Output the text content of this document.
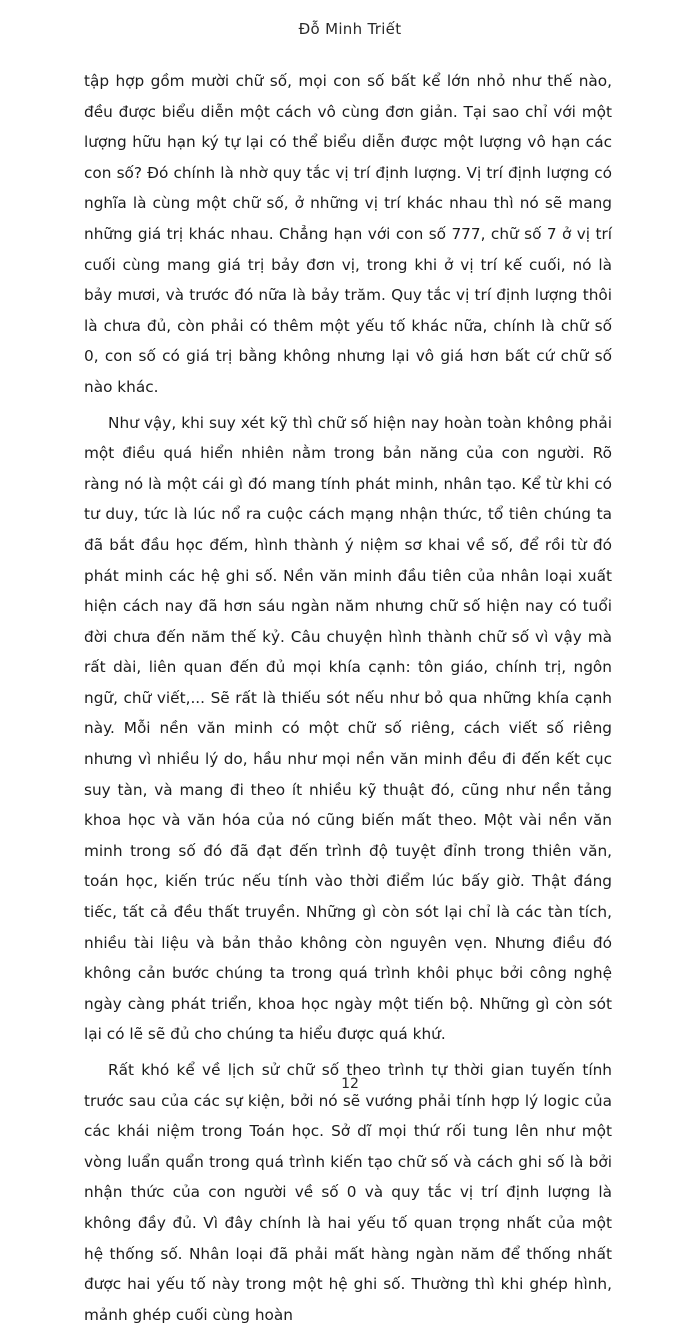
Đỗ Minh Triết

tập hợp gồm mười chữ số, mọi con số bất kể lớn nhỏ như thế nào, đều được biểu diễn một cách vô cùng đơn giản. Tại sao chỉ với một lượng hữu hạn ký tự lại có thể biểu diễn được một lượng vô hạn các con số? Đó chính là nhờ quy tắc vị trí định lượng. Vị trí định lượng có nghĩa là cùng một chữ số, ở những vị trí khác nhau thì nó sẽ mang những giá trị khác nhau. Chẳng hạn với con số 777, chữ số 7 ở vị trí cuối cùng mang giá trị bảy đơn vị, trong khi ở vị trí kế cuối, nó là bảy mươi, và trước đó nữa là bảy trăm. Quy tắc vị trí định lượng thôi là chưa đủ, còn phải có thêm một yếu tố khác nữa, chính là chữ số 0, con số có giá trị bằng không nhưng lại vô giá hơn bất cứ chữ số nào khác.

Như vậy, khi suy xét kỹ thì chữ số hiện nay hoàn toàn không phải một điều quá hiển nhiên nằm trong bản năng của con người. Rõ ràng nó là một cái gì đó mang tính phát minh, nhân tạo. Kể từ khi có tư duy, tức là lúc nổ ra cuộc cách mạng nhận thức, tổ tiên chúng ta đã bắt đầu học đếm, hình thành ý niệm sơ khai về số, để rồi từ đó phát minh các hệ ghi số. Nền văn minh đầu tiên của nhân loại xuất hiện cách nay đã hơn sáu ngàn năm nhưng chữ số hiện nay có tuổi đời chưa đến năm thế kỷ. Câu chuyện hình thành chữ số vì vậy mà rất dài, liên quan đến đủ mọi khía cạnh: tôn giáo, chính trị, ngôn ngữ, chữ viết,... Sẽ rất là thiếu sót nếu như bỏ qua những khía cạnh này. Mỗi nền văn minh có một chữ số riêng, cách viết số riêng nhưng vì nhiều lý do, hầu như mọi nền văn minh đều đi đến kết cục suy tàn, và mang đi theo ít nhiều kỹ thuật đó, cũng như nền tảng khoa học và văn hóa của nó cũng biến mất theo. Một vài nền văn minh trong số đó đã đạt đến trình độ tuyệt đỉnh trong thiên văn, toán học, kiến trúc nếu tính vào thời điểm lúc bấy giờ. Thật đáng tiếc, tất cả đều thất truyền. Những gì còn sót lại chỉ là các tàn tích, nhiều tài liệu và bản thảo không còn nguyên vẹn. Nhưng điều đó không cản bước chúng ta trong quá trình khôi phục bởi công nghệ ngày càng phát triển, khoa học ngày một tiến bộ. Những gì còn sót lại có lẽ sẽ đủ cho chúng ta hiểu được quá khứ.

Rất khó kể về lịch sử chữ số theo trình tự thời gian tuyến tính trước sau của các sự kiện, bởi nó sẽ vướng phải tính hợp lý logic của các khái niệm trong Toán học. Sở dĩ mọi thứ rối tung lên như một vòng luẩn quẩn trong quá trình kiến tạo chữ số và cách ghi số là bởi nhận thức của con người về số 0 và quy tắc vị trí định lượng là không đầy đủ. Vì đây chính là hai yếu tố quan trọng nhất của một hệ thống số. Nhân loại đã phải mất hàng ngàn năm để thống nhất được hai yếu tố này trong một hệ ghi số. Thường thì khi ghép hình, mảnh ghép cuối cùng hoàn

12
